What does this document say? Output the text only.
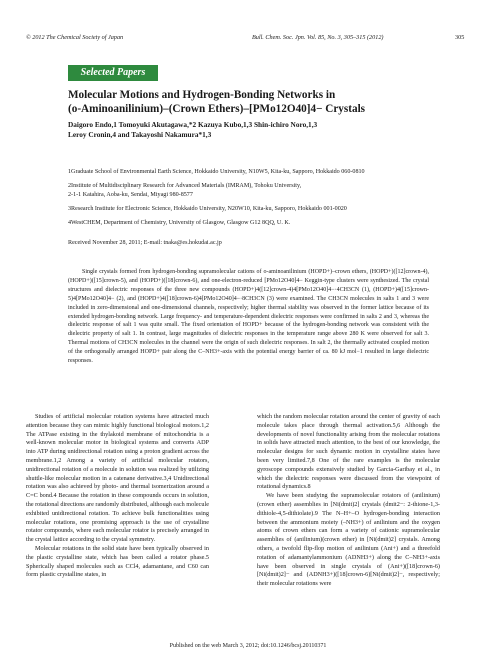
© 2012 The Chemical Society of Japan	Bull. Chem. Soc. Jpn. Vol. 85, No. 3, 305–315 (2012)	305
Selected Papers
Molecular Motions and Hydrogen-Bonding Networks in
(o-Aminoanilinium)–(Crown Ethers)–[PMo12O40]4− Crystals
Daigoro Endo,1 Tomoyuki Akutagawa,*2 Kazuya Kubo,1,3 Shin-ichiro Noro,1,3
Leroy Cronin,4 and Takayoshi Nakamura*1,3
1Graduate School of Environmental Earth Science, Hokkaido University, N10W5, Kita-ku, Sapporo, Hokkaido 060-0810
2Institute of Multidisciplinary Research for Advanced Materials (IMRAM), Tohoku University,
2-1-1 Katahira, Aoba-ku, Sendai, Miyagi 980-8577
3Research Institute for Electronic Science, Hokkaido University, N20W10, Kita-ku, Sapporo, Hokkaido 001-0020
4WestCHEM, Department of Chemistry, University of Glasgow, Glasgow G12 8QQ, U. K.
Received November 28, 2011; E-mail: tnaka@es.hokudai.ac.jp

Single crystals formed from hydrogen-bonding supramolecular cations of o-aminoanilinium (HOPD+)–crown ethers, (HOPD+)([12]crown-4), (HOPD+)([15]crown-5), and (HOPD+)([18]crown-6), and one-electron-reduced [PMo12O40]4− Keggin-type clusters were synthesized. The crystal structures and dielectric responses of the three new compounds (HOPD+)4([12]crown-4)4[PMo12O40]4−·4CH3CN (1), (HOPD+)4([15]crown-5)4[PMo12O40]4− (2), and (HOPD+)4([18]crown-6)4[PMo12O40]4−·8CH3CN (3) were examined. The CH3CN molecules in salts 1 and 3 were included in zero-dimensional and one-dimensional channels, respectively; higher thermal stability was observed in the former lattice because of its extended hydrogen-bonding network. Large frequency- and temperature-dependent dielectric responses were confirmed in salts 2 and 3, whereas the dielectric response of salt 1 was quite small. The fixed orientation of HOPD+ because of the hydrogen-bonding network was consistent with the dielectric property of salt 1. In contrast, large magnitudes of dielectric responses in the temperature range above 280 K were observed for salt 3. Thermal motions of CH3CN molecules in the channel were the origin of such dielectric responses. In salt 2, the thermally activated coupled motion of the orthogonally arranged HOPD+ pair along the C–NH3+-axis with the potential energy barrier of ca. 80 kJ mol−1 resulted in large dielectric responses.

Studies of artificial molecular rotation systems have attracted much attention because they can mimic highly functional biological motors.1,2 The ATPase existing in the thylakoid membrane of mitochondria is a well-known molecular motor in biological systems and converts ADP into ATP during unidirectional rotation using a proton gradient across the membrane.1,2 Among a variety of artificial molecular rotators, unidirectional rotation of a molecule in solution was realized by utilizing shuttle-like molecular motion in a catenane derivative.3,4 Unidirectional rotation was also achieved by photo- and thermal isomerization around a C=C bond.4 Because the rotation in these compounds occurs in solution, the rotational directions are randomly distributed, although each molecule exhibited unidirectional rotation. To achieve bulk functionalities using molecular rotations, one promising approach is the use of crystalline rotator compounds, where each molecular rotator is precisely arranged in the crystal lattice according to the crystal symmetry.

Molecular rotations in the solid state have been typically observed in the plastic crystalline state, which has been called a rotator phase.5 Spherically shaped molecules such as CCl4, adamantane, and C60 can form plastic crystalline states, in

which the random molecular rotation around the center of gravity of each molecule takes place through thermal activation.5,6 Although the developments of novel functionality arising from the molecular rotations in solids have attracted much attention, to the best of our knowledge, the molecular designs for such dynamic motion in crystalline states have been very limited.7,8 One of the rare examples is the molecular gyroscope compounds extensively studied by Garcia-Garibay et al., in which the dielectric responses were discussed from the viewpoint of rotational dynamics.8

We have been studying the supramolecular rotators of (anilinium)(crown ether) assemblies in [Ni(dmit)2] crystals (dmit2−: 2-thione-1,3-dithiole-4,5-dithiolate).9 The N–H+–O hydrogen-bonding interaction between the ammonium moiety (–NH3+) of anilinium and the oxygen atoms of crown ethers can form a variety of cationic supramolecular assemblies of (anilinium)(crown ether) in [Ni(dmit)2] crystals. Among others, a twofold flip-flop motion of anilinium (Ani+) and a threefold rotation of adamantylammonium (ADNH3+) along the C–NH3+-axis have been observed in single crystals of (Ani+)([18]crown-6)[Ni(dmit)2]− and (ADNH3+)([18]crown-6)[Ni(dmit)2]−, respectively; their molecular rotations were

Published on the web March 3, 2012; doi:10.1246/bcsj.20110371
